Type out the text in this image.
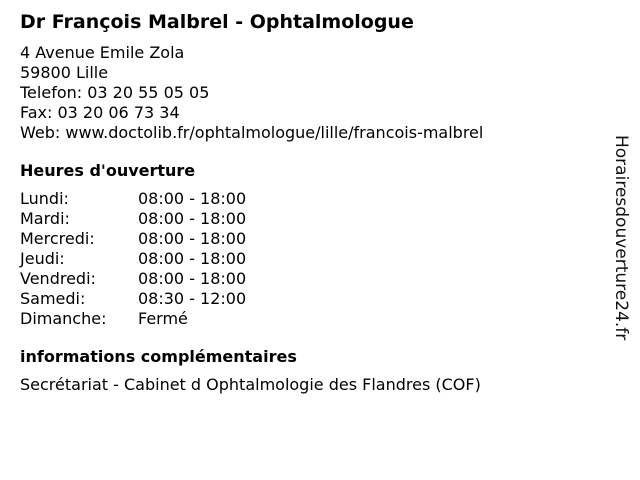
Dr François Malbrel - Ophtalmologue
4 Avenue Emile Zola
59800 Lille
Telefon: 03 20 55 05 05
Fax: 03 20 06 73 34
Web: www.doctolib.fr/ophtalmologue/lille/francois-malbrel
Heures d'ouverture
Lundi:	08:00 - 18:00
Mardi:	08:00 - 18:00
Mercredi:	08:00 - 18:00
Jeudi:	08:00 - 18:00
Vendredi:	08:00 - 18:00
Samedi:	08:30 - 12:00
Dimanche:	Fermé
informations complémentaires
Secrétariat - Cabinet d Ophtalmologie des Flandres (COF)
Horairesdouverture24.fr
